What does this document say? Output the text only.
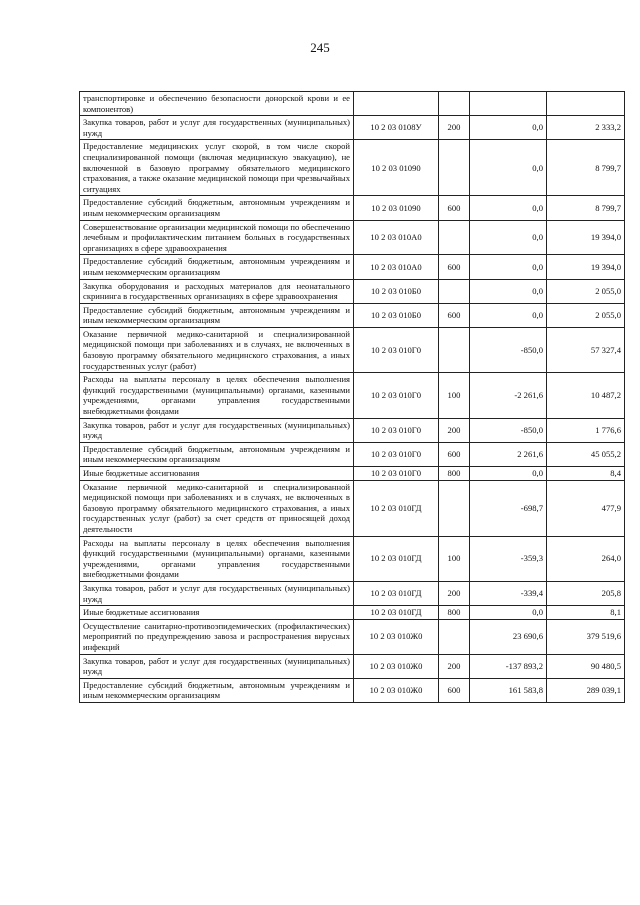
245
транспортировке и обеспечению безопасности донорской крови и ее компонентов)				
Закупка товаров, работ и услуг для государственных (муниципальных) нужд	10 2 03 0108У	200	0,0	2 333,2
Предоставление медицинских услуг скорой, в том числе скорой специализированной помощи (включая медицинскую эвакуацию), не включенной в базовую программу обязательного медицинского страхования, а также оказание медицинской помощи при чрезвычайных ситуациях	10 2 03 01090		0,0	8 799,7
Предоставление субсидий бюджетным, автономным учреждениям и иным некоммерческим организациям	10 2 03 01090	600	0,0	8 799,7
Совершенствование организации медицинской помощи по обеспечению лечебным и профилактическим питанием больных в государственных организациях в сфере здравоохранения	10 2 03 010А0		0,0	19 394,0
Предоставление субсидий бюджетным, автономным учреждениям и иным некоммерческим организациям	10 2 03 010А0	600	0,0	19 394,0
Закупка оборудования и расходных материалов для неонатального скрининга в государственных организациях в сфере здравоохранения	10 2 03 010Б0		0,0	2 055,0
Предоставление субсидий бюджетным, автономным учреждениям и иным некоммерческим организациям	10 2 03 010Б0	600	0,0	2 055,0
Оказание первичной медико-санитарной и специализированной медицинской помощи при заболеваниях и в случаях, не включенных в базовую программу обязательного медицинского страхования, а иных государственных услуг (работ)	10 2 03 010Г0		-850,0	57 327,4
Расходы на выплаты персоналу в целях обеспечения выполнения функций государственными (муниципальными) органами, казенными учреждениями, органами управления государственными внебюджетными фондами	10 2 03 010Г0	100	-2 261,6	10 487,2
Закупка товаров, работ и услуг для государственных (муниципальных) нужд	10 2 03 010Г0	200	-850,0	1 776,6
Предоставление субсидий бюджетным, автономным учреждениям и иным некоммерческим организациям	10 2 03 010Г0	600	2 261,6	45 055,2
Иные бюджетные ассигнования	10 2 03 010Г0	800	0,0	8,4
Оказание первичной медико-санитарной и специализированной медицинской помощи при заболеваниях и в случаях, не включенных в базовую программу обязательного медицинского страхования, а иных государственных услуг (работ) за счет средств от приносящей доход деятельности	10 2 03 010ГД		-698,7	477,9
Расходы на выплаты персоналу в целях обеспечения выполнения функций государственными (муниципальными) органами, казенными учреждениями, органами управления государственными внебюджетными фондами	10 2 03 010ГД	100	-359,3	264,0
Закупка товаров, работ и услуг для государственных (муниципальных) нужд	10 2 03 010ГД	200	-339,4	205,8
Иные бюджетные ассигнования	10 2 03 010ГД	800	0,0	8,1
Осуществление санитарно-противоэпидемических (профилактических) мероприятий по предупреждению завоза и распространения вирусных инфекций	10 2 03 010Ж0		23 690,6	379 519,6
Закупка товаров, работ и услуг для государственных (муниципальных) нужд	10 2 03 010Ж0	200	-137 893,2	90 480,5
Предоставление субсидий бюджетным, автономным учреждениям и иным некоммерческим организациям	10 2 03 010Ж0	600	161 583,8	289 039,1
